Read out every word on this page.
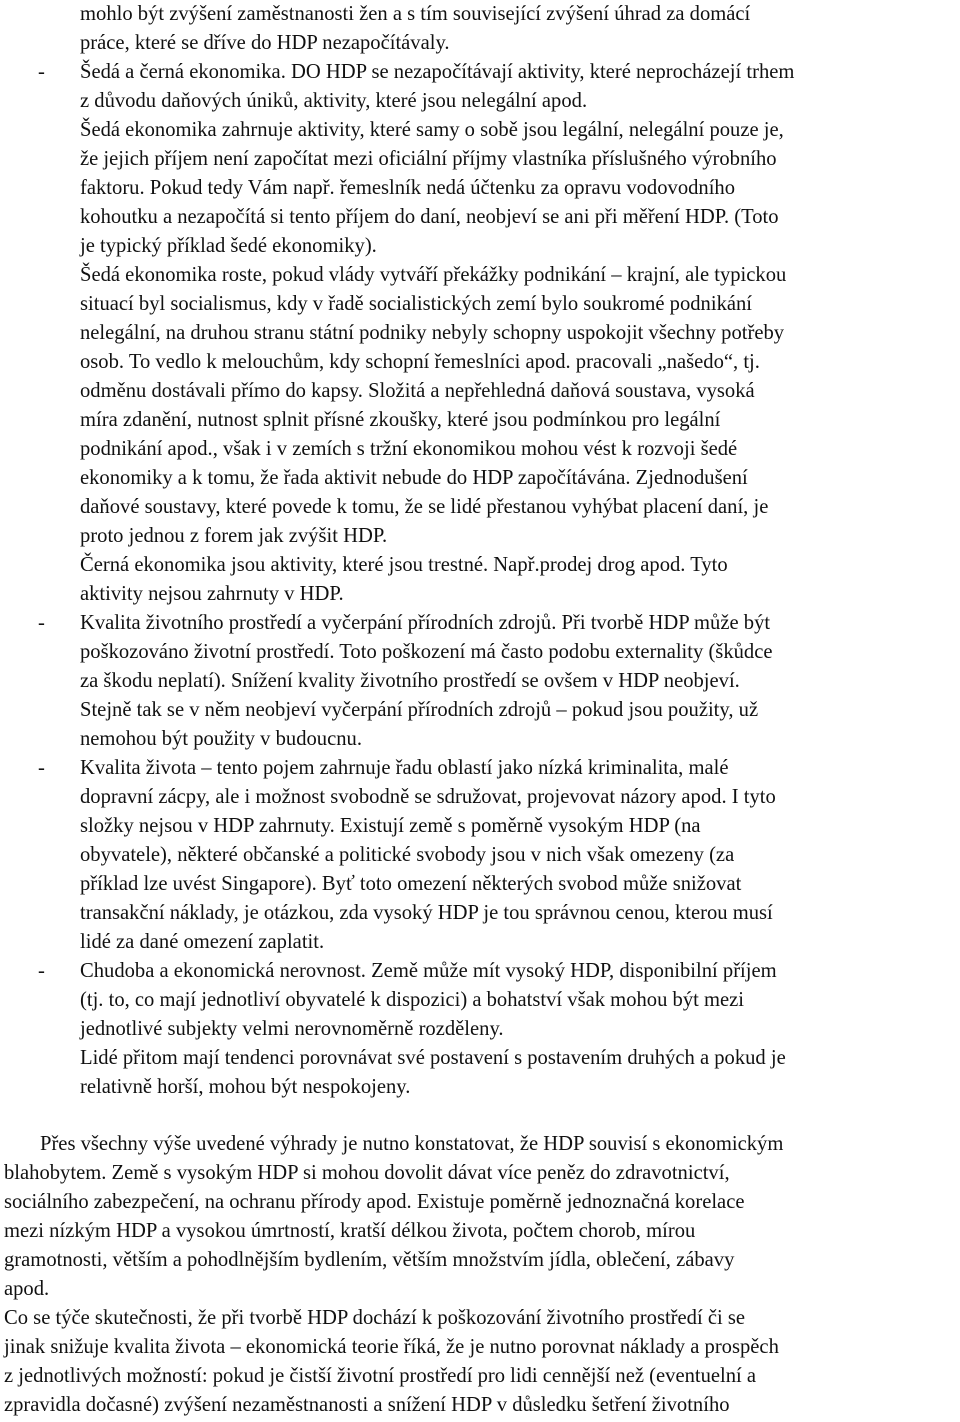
mohlo být zvýšení zaměstnanosti žen a s tím související zvýšení úhrad za domácí
práce, které se dříve do HDP nezapočítávaly.
- Šedá a černá ekonomika. DO HDP se nezapočítávají aktivity, které neprocházejí trhem
z důvodu daňových úniků, aktivity, které jsou nelegální apod.
Šedá ekonomika zahrnuje aktivity, které samy o sobě jsou legální, nelegální pouze je,
že jejich příjem není započítat mezi oficiální příjmy vlastníka příslušného výrobního
faktoru. Pokud tedy Vám např. řemeslník nedá účtenku za opravu vodovodního
kohoutku a nezapočítá si tento příjem do daní, neobjeví se ani při měření HDP. (Toto
je typický příklad šedé ekonomiky).
Šedá ekonomika roste, pokud vlády vytváří překážky podnikání – krajní, ale typickou
situací byl socialismus, kdy v řadě socialistických zemí bylo soukromé podnikání
nelegální, na druhou stranu státní podniky nebyly schopny uspokojit všechny potřeby
osob. To vedlo k melouchům, kdy schopní řemeslníci apod. pracovali „našedo“, tj.
odměnu dostávali přímo do kapsy. Složitá a nepřehledná daňová soustava, vysoká
míra zdanění, nutnost splnit přísné zkoušky, které jsou podmínkou pro legální
podnikání apod., však i v zemích s tržní ekonomikou mohou vést k rozvoji šedé
ekonomiky a k tomu, že řada aktivit nebude do HDP započítávána. Zjednodušení
daňové soustavy, které povede k tomu, že se lidé přestanou vyhýbat placení daní, je
proto jednou z forem jak zvýšit HDP.
Černá ekonomika jsou aktivity, které jsou trestné. Např.prodej drog apod. Tyto
aktivity nejsou zahrnuty v HDP.
- Kvalita životního prostředí a vyčerpání přírodních zdrojů. Při tvorbě HDP může být
poškozováno životní prostředí. Toto poškození má často podobu externality (škůdce
za škodu neplatí). Snížení kvality životního prostředí se ovšem v HDP neobjeví.
Stejně tak se v něm neobjeví vyčerpání přírodních zdrojů – pokud jsou použity, už
nemohou být použity v budoucnu.
- Kvalita života – tento pojem zahrnuje řadu oblastí jako nízká kriminalita, malé
dopravní zácpy, ale i možnost svobodně se sdružovat, projevovat názory apod. I tyto
složky nejsou v HDP zahrnuty. Existují země s poměrně vysokým HDP (na
obyvatele), některé občanské a politické svobody jsou v nich však omezeny (za
příklad lze uvést Singapore). Byť toto omezení některých svobod může snižovat
transakční náklady, je otázkou, zda vysoký HDP je tou správnou cenou, kterou musí
lidé za dané omezení zaplatit.
- Chudoba a ekonomická nerovnost. Země může mít vysoký HDP, disponibilní příjem
(tj. to, co mají jednotliví obyvatelé k dispozici) a bohatství však mohou být mezi
jednotlivé subjekty velmi nerovnoměrně rozděleny.
Lidé přitom mají tendenci porovnávat své postavení s postavením druhých a pokud je
relativně horší, mohou být nespokojeny.
Přes všechny výše uvedené výhrady je nutno konstatovat, že HDP souvisí s ekonomickým
blahobytem. Země s vysokým HDP si mohou dovolit dávat více peněz do zdravotnictví,
sociálního zabezpečení, na ochranu přírody apod. Existuje poměrně jednoznačná korelace
mezi nízkým HDP a vysokou úmrtností, kratší délkou života, počtem chorob, mírou
gramotnosti, větším a pohodlnějším bydlením, větším množstvím jídla, oblečení, zábavy
apod.
Co se týče skutečnosti, že při tvorbě HDP dochází k poškozování životního prostředí či se
jinak snižuje kvalita života – ekonomická teorie říká, že je nutno porovnat náklady a prospěch
z jednotlivých možností: pokud je čistší životní prostředí pro lidi cennější než (eventuelní a
zpravidla dočasné) zvýšení nezaměstnanosti a snížení HDP v důsledku šetření životního
